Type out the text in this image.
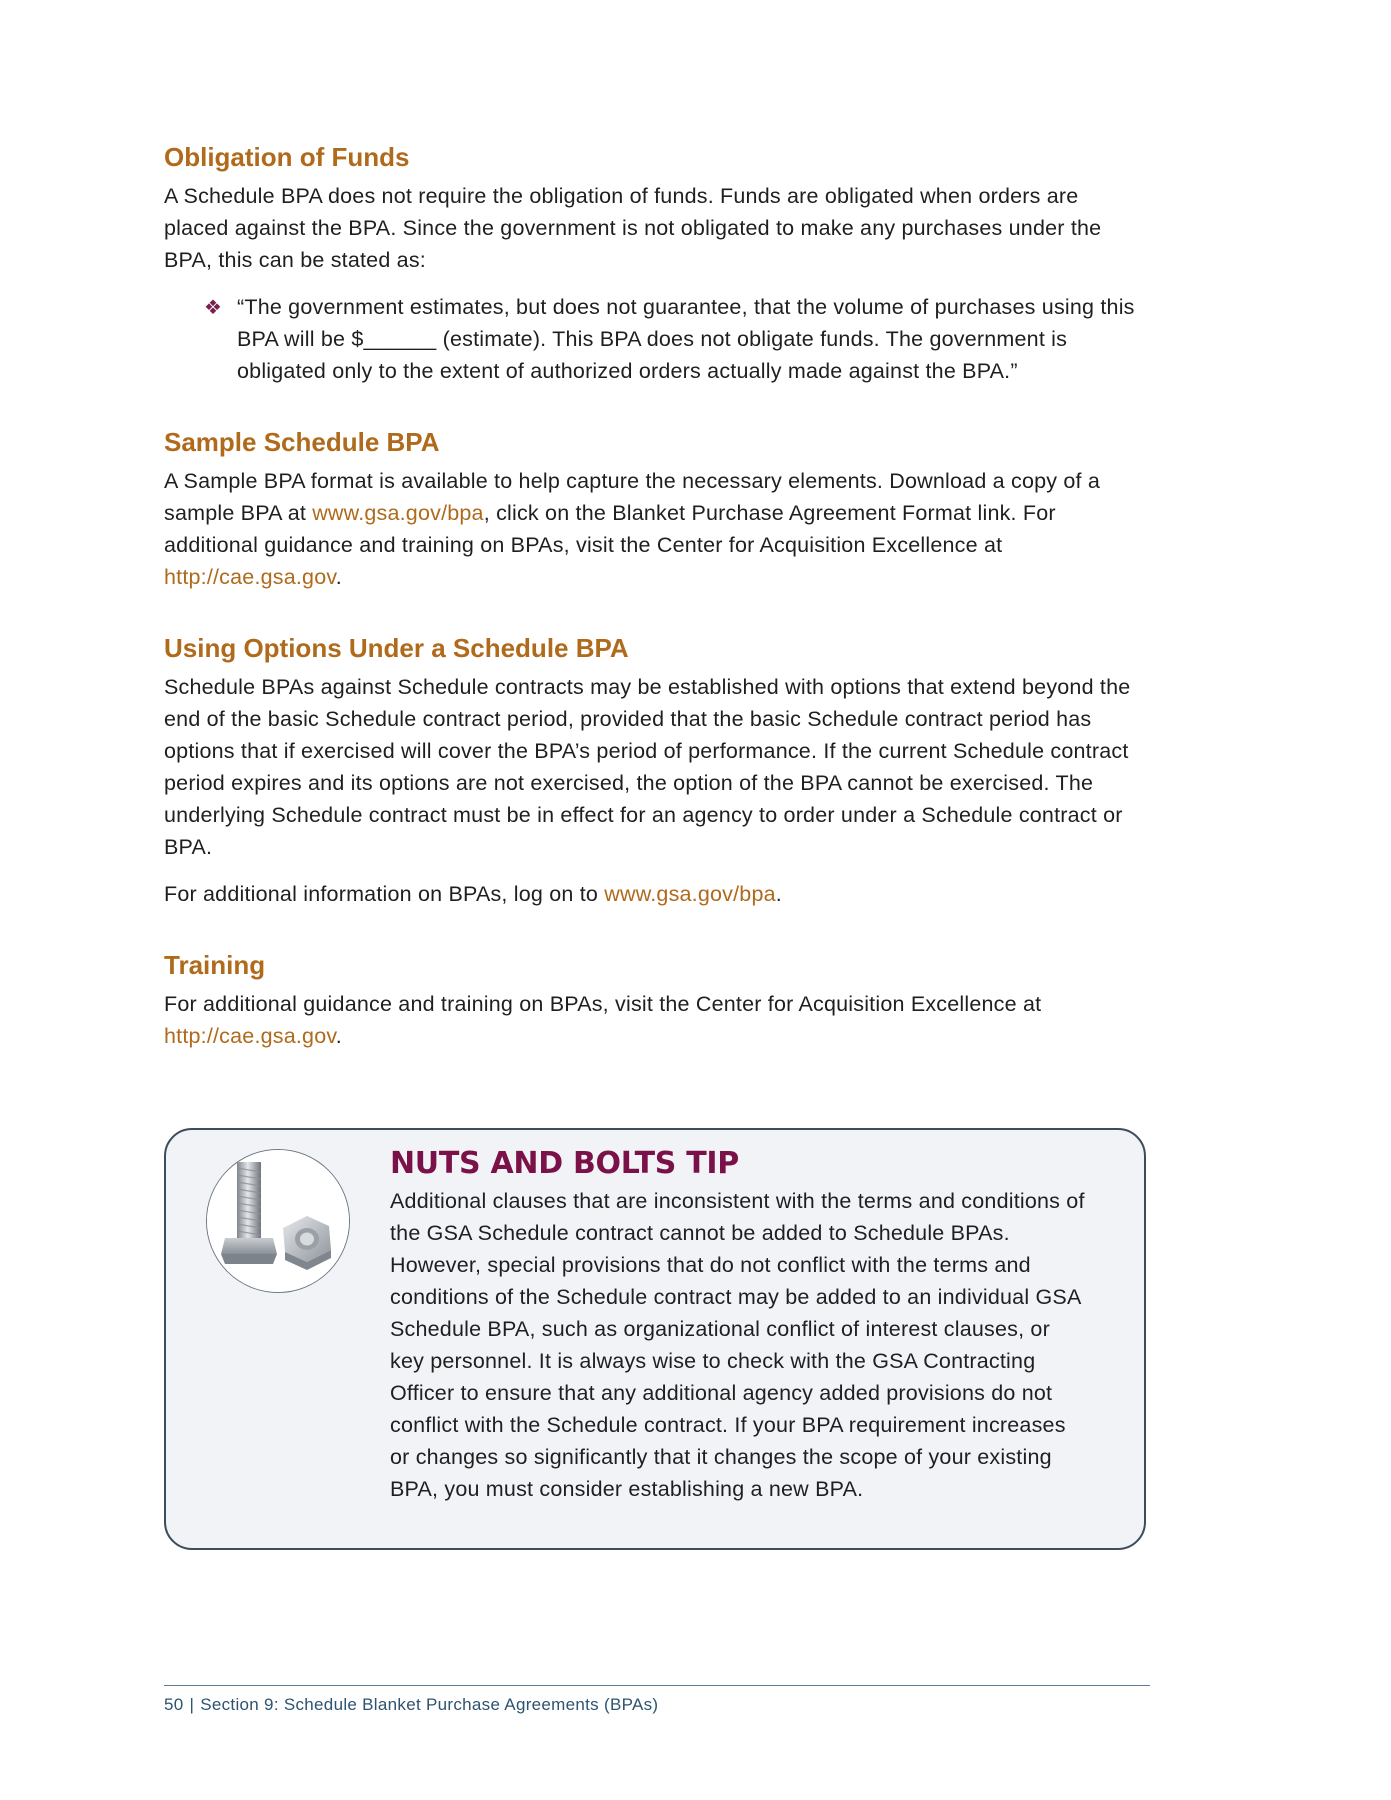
Obligation of Funds

A Schedule BPA does not require the obligation of funds. Funds are obligated when orders are placed against the BPA. Since the government is not obligated to make any purchases under the BPA, this can be stated as:

❖ “The government estimates, but does not guarantee, that the volume of purchases using this BPA will be $______ (estimate). This BPA does not obligate funds. The government is obligated only to the extent of authorized orders actually made against the BPA.”
Sample Schedule BPA

A Sample BPA format is available to help capture the necessary elements. Download a copy of a sample BPA at www.gsa.gov/bpa, click on the Blanket Purchase Agreement Format link. For additional guidance and training on BPAs, visit the Center for Acquisition Excellence at http://cae.gsa.gov.

Using Options Under a Schedule BPA

Schedule BPAs against Schedule contracts may be established with options that extend beyond the end of the basic Schedule contract period, provided that the basic Schedule contract period has options that if exercised will cover the BPA’s period of performance. If the current Schedule contract period expires and its options are not exercised, the option of the BPA cannot be exercised. The underlying Schedule contract must be in effect for an agency to order under a Schedule contract or BPA.

For additional information on BPAs, log on to www.gsa.gov/bpa.

Training

For additional guidance and training on BPAs, visit the Center for Acquisition Excellence at http://cae.gsa.gov.

NUTS AND BOLTS TIP

Additional clauses that are inconsistent with the terms and conditions of the GSA Schedule contract cannot be added to Schedule BPAs. However, special provisions that do not conflict with the terms and conditions of the Schedule contract may be added to an individual GSA Schedule BPA, such as organizational conflict of interest clauses, or key personnel. It is always wise to check with the GSA Contracting Officer to ensure that any additional agency added provisions do not conflict with the Schedule contract. If your BPA requirement increases or changes so significantly that it changes the scope of your existing BPA, you must consider establishing a new BPA.

50 | Section 9: Schedule Blanket Purchase Agreements (BPAs)
